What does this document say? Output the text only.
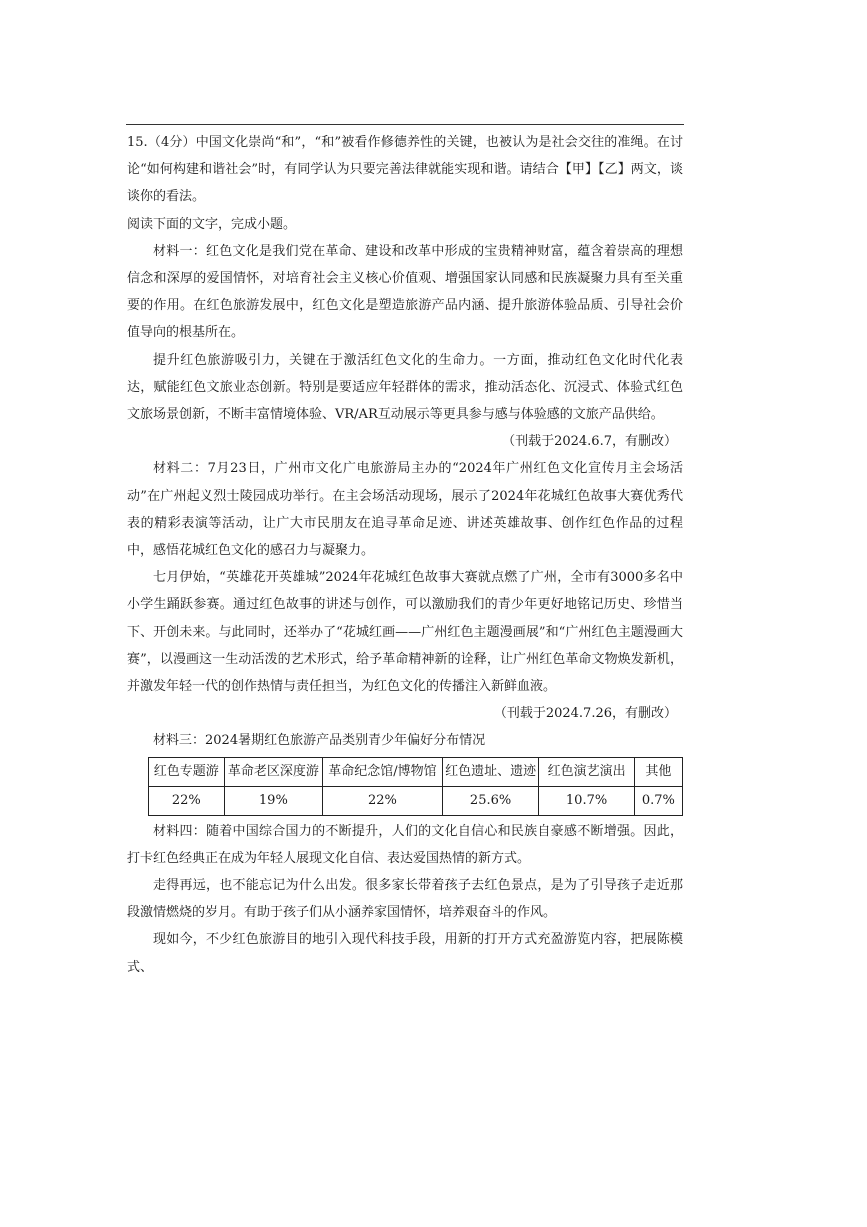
15.（4分）中国文化崇尚“和”，“和”被看作修德养性的关键，也被认为是社会交往的准绳。在讨论“如何构建和谐社会”时，有同学认为只要完善法律就能实现和谐。请结合【甲】【乙】两文，谈谈你的看法。

阅读下面的文字，完成小题。

材料一：红色文化是我们党在革命、建设和改革中形成的宝贵精神财富，蕴含着崇高的理想信念和深厚的爱国情怀，对培育社会主义核心价值观、增强国家认同感和民族凝聚力具有至关重要的作用。在红色旅游发展中，红色文化是塑造旅游产品内涵、提升旅游体验品质、引导社会价值导向的根基所在。

提升红色旅游吸引力，关键在于激活红色文化的生命力。一方面，推动红色文化时代化表达，赋能红色文旅业态创新。特别是要适应年轻群体的需求，推动活态化、沉浸式、体验式红色文旅场景创新，不断丰富情境体验、VR/AR互动展示等更具参与感与体验感的文旅产品供给。

（刊载于2024.6.7，有删改）

材料二：7月23日，广州市文化广电旅游局主办的“2024年广州红色文化宣传月主会场活动”在广州起义烈士陵园成功举行。在主会场活动现场，展示了2024年花城红色故事大赛优秀代表的精彩表演等活动，让广大市民朋友在追寻革命足迹、讲述英雄故事、创作红色作品的过程中，感悟花城红色文化的感召力与凝聚力。

七月伊始，“英雄花开英雄城”2024年花城红色故事大赛就点燃了广州，全市有3000多名中小学生踊跃参赛。通过红色故事的讲述与创作，可以激励我们的青少年更好地铭记历史、珍惜当下、开创未来。与此同时，还举办了“花城红画——广州红色主题漫画展”和“广州红色主题漫画大赛”，以漫画这一生动活泼的艺术形式，给予革命精神新的诠释，让广州红色革命文物焕发新机，并激发年轻一代的创作热情与责任担当，为红色文化的传播注入新鲜血液。

（刊载于2024.7.26，有删改）

材料三：2024暑期红色旅游产品类别青少年偏好分布情况

红色专题游	革命老区深度游	革命纪念馆/博物馆	红色遗址、遗迹	红色演艺演出	其他
22%	19%	22%	25.6%	10.7%	0.7%

材料四：随着中国综合国力的不断提升，人们的文化自信心和民族自豪感不断增强。因此，打卡红色经典正在成为年轻人展现文化自信、表达爱国热情的新方式。

走得再远，也不能忘记为什么出发。很多家长带着孩子去红色景点，是为了引导孩子走近那段激情燃烧的岁月。有助于孩子们从小涵养家国情怀，培养艰奋斗的作风。

现如今，不少红色旅游目的地引入现代科技手段，用新的打开方式充盈游览内容，把展陈模式、
